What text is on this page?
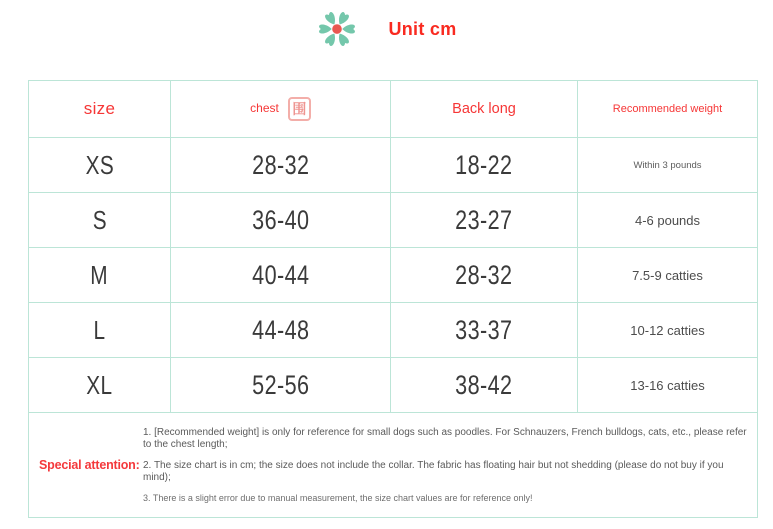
Unit cm
size	chest 围	Back long	Recommended weight
XS	28-32	18-22	Within 3 pounds
S	36-40	23-27	4-6 pounds
M	40-44	28-32	7.5-9 catties
L	44-48	33-37	10-12 catties
XL	52-56	38-42	13-16 catties

Special attention:
1. [Recommended weight] is only for reference for small dogs such as poodles. For Schnauzers, French bulldogs, cats, etc., please refer to the chest length;
2. The size chart is in cm; the size does not include the collar. The fabric has floating hair but not shedding (please do not buy if you mind);
3. There is a slight error due to manual measurement, the size chart values are for reference only!			
